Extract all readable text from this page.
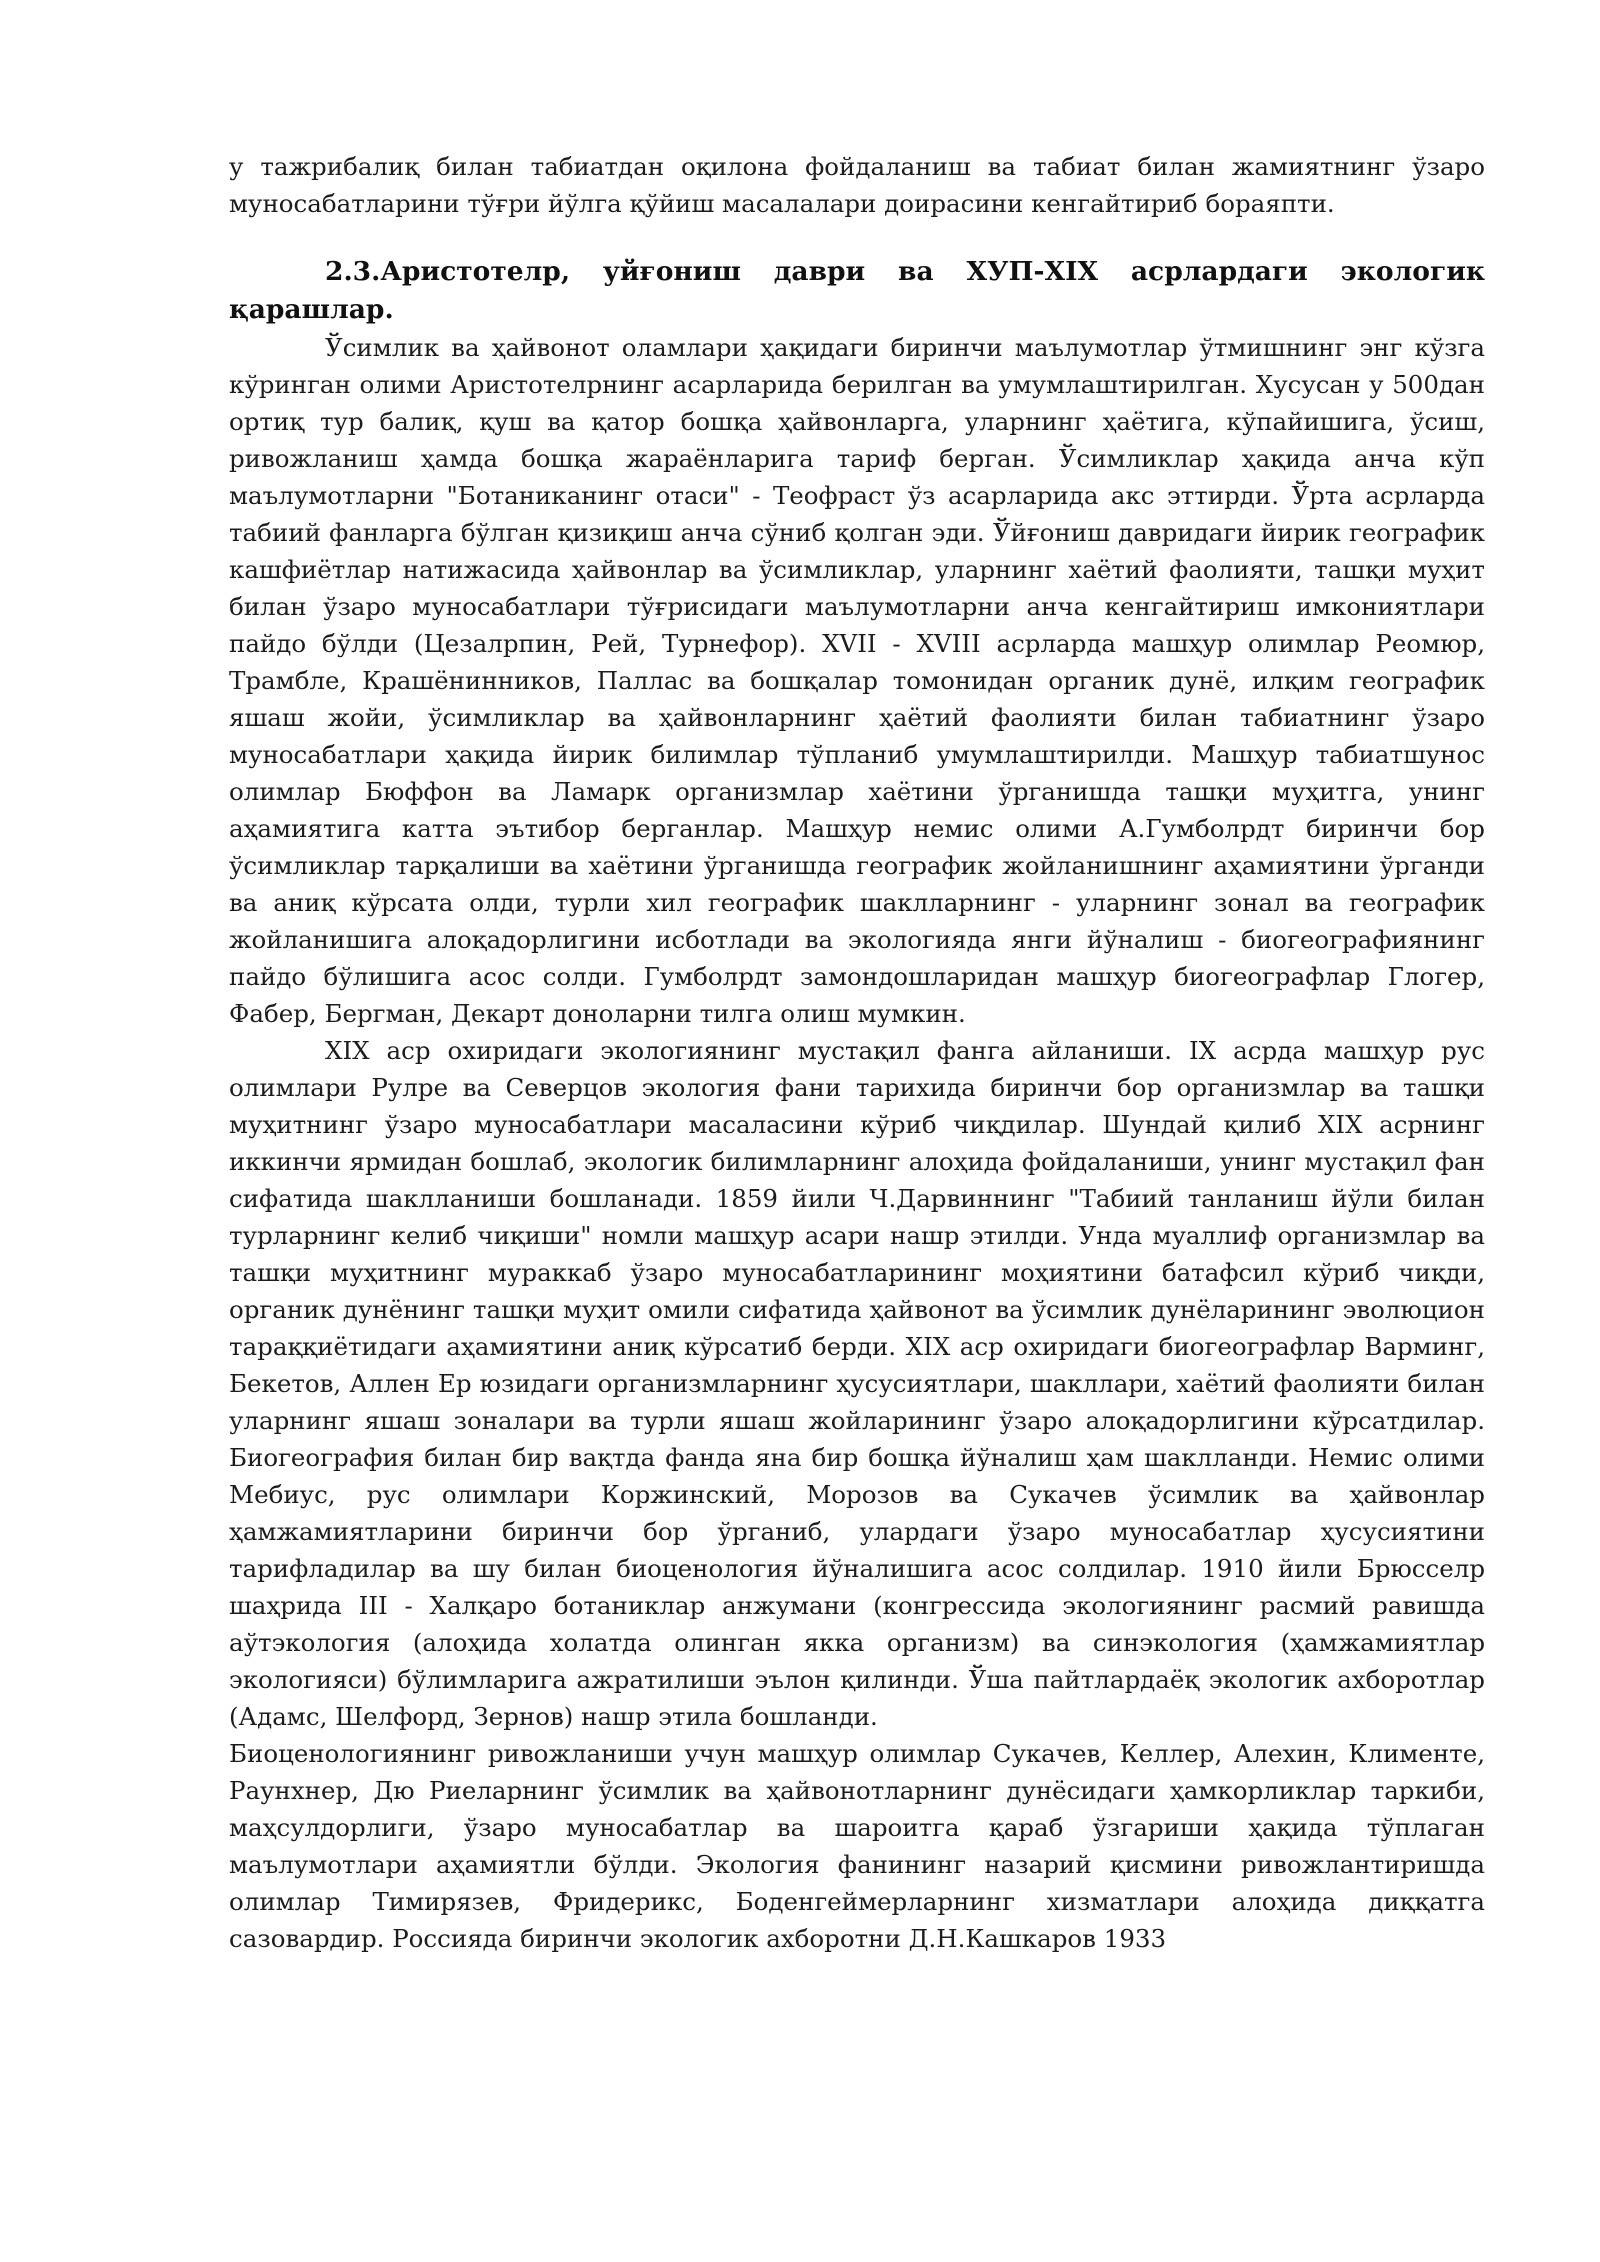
у тажрибалиқ билан табиатдан оқилона фойдаланиш ва табиат билан жамиятнинг ўзаро муносабатларини тўғри йўлга қўйиш масалалари доирасини кенгайтириб бораяпти.

2.3.Аристотелр, уйғониш даври ва ХУП-ХIХ асрлардаги экологик қарашлар.

Ўсимлик ва ҳайвонот оламлари ҳақидаги биринчи маълумотлар ўтмишнинг энг кўзга кўринган олими Аристотелрнинг асарларида берилган ва умумлаштирилган. Хусусан у 500дан ортиқ тур балиқ, қуш ва қатор бошқа ҳайвонларга, уларнинг ҳаётига, кўпайишига, ўсиш, ривожланиш ҳамда бошқа жараёнларига тариф берган. Ўсимликлар ҳақида анча кўп маълумотларни "Ботаниканинг отаси" - Теофраст ўз асарларида акс эттирди. Ўрта асрларда табиий фанларга бўлган қизиқиш анча сўниб қолган эди. Ўйғониш давридаги йирик географик кашфиётлар натижасида ҳайвонлар ва ўсимликлар, уларнинг хаётий фаолияти, ташқи муҳит билан ўзаро муносабатлари тўғрисидаги маълумотларни анча кенгайтириш имкониятлари пайдо бўлди (Цезалрпин, Рей, Турнефор). XVII - XVIII асрларда машҳур олимлар Реомюр, Трамбле, Крашёнинников, Паллас ва бошқалар томонидан органик дунё, илқим географик яшаш жойи, ўсимликлар ва ҳайвонларнинг ҳаётий фаолияти билан табиатнинг ўзаро муносабатлари ҳақида йирик билимлар тўпланиб умумлаштирилди. Машҳур табиатшунос олимлар Бюффон ва Ламарк организмлар хаётини ўрганишда ташқи муҳитга, унинг аҳамиятига катта эътибор берганлар. Машҳур немис олими А.Гумболрдт биринчи бор ўсимликлар тарқалиши ва хаётини ўрганишда географик жойланишнинг аҳамиятини ўрганди ва аниқ кўрсата олди, турли хил географик шаклларнинг - уларнинг зонал ва географик жойланишига алоқадорлигини исботлади ва экологияда янги йўналиш - биогеографиянинг пайдо бўлишига асос солди. Гумболрдт замондошларидан машҳур биогеографлар Глогер, Фабер, Бергман, Декарт доноларни тилга олиш мумкин.

XIX аср охиридаги экологиянинг мустақил фанга айланиши. IX асрда машҳур рус олимлари Рулре ва Северцов экология фани тарихида биринчи бор организмлар ва ташқи муҳитнинг ўзаро муносабатлари масаласини кўриб чиқдилар. Шундай қилиб XIX асрнинг иккинчи ярмидан бошлаб, экологик билимларнинг алоҳида фойдаланиши, унинг мустақил фан сифатида шаклланиши бошланади. 1859 йили Ч.Дарвиннинг "Табиий танланиш йўли билан турларнинг келиб чиқиши" номли машҳур асари нашр этилди. Унда муаллиф организмлар ва ташқи муҳитнинг мураккаб ўзаро муносабатларининг моҳиятини батафсил кўриб чиқди, органик дунёнинг ташқи муҳит омили сифатида ҳайвонот ва ўсимлик дунёларининг эволюцион тараққиётидаги аҳамиятини аниқ кўрсатиб берди. XIX аср охиридаги биогеографлар Варминг, Бекетов, Аллен Ер юзидаги организмларнинг ҳусусиятлари, шакллари, хаётий фаолияти билан уларнинг яшаш зоналари ва турли яшаш жойларининг ўзаро алоқадорлигини кўрсатдилар. Биогеография билан бир вақтда фанда яна бир бошқа йўналиш ҳам шаклланди. Немис олими Мебиус, рус олимлари Коржинский, Морозов ва Сукачев ўсимлик ва ҳайвонлар ҳамжамиятларини биринчи бор ўрганиб, улардаги ўзаро муносабатлар ҳусусиятини тарифладилар ва шу билан биоценология йўналишига асос солдилар. 1910 йили Брюсселр шаҳрида III - Халқаро ботаниклар анжумани (конгрессида экологиянинг расмий равишда аўтэкология (алоҳида холатда олинган якка организм) ва синэкология (ҳамжамиятлар экологияси) бўлимларига ажратилиши эълон қилинди. Ўша пайтлардаёқ экологик ахборотлар (Адамс, Шелфорд, Зернов) нашр этила бошланди.

Биоценологиянинг ривожланиши учун машҳур олимлар Сукачев, Келлер, Алехин, Клименте, Раунхнер, Дю Риеларнинг ўсимлик ва ҳайвонотларнинг дунёсидаги ҳамкорликлар таркиби, маҳсулдорлиги, ўзаро муносабатлар ва шароитга қараб ўзгариши ҳақида тўплаган маълумотлари аҳамиятли бўлди. Экология фанининг назарий қисмини ривожлантиришда олимлар Тимирязев, Фридерикс, Боденгеймерларнинг хизматлари алоҳида диққатга сазовардир. Россияда биринчи экологик ахборотни Д.Н.Кашкаров 1933
